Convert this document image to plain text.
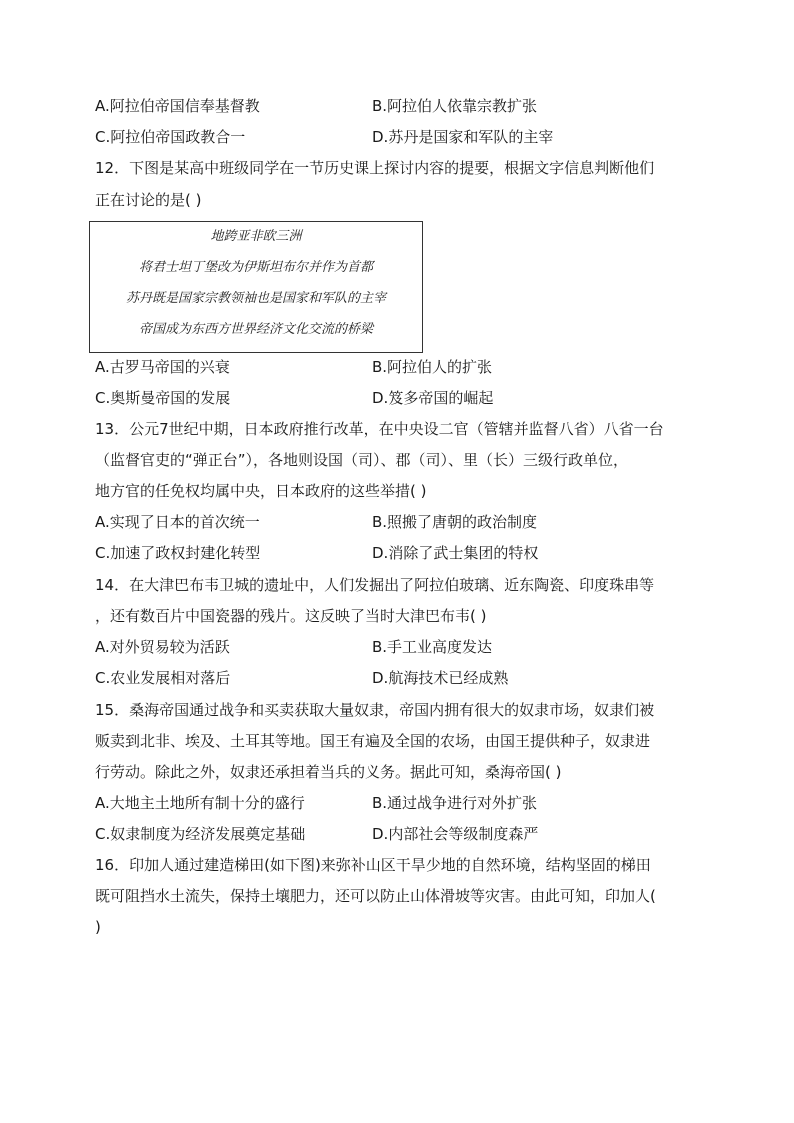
A.阿拉伯帝国信奉基督教	B.阿拉伯人依靠宗教扩张
C.阿拉伯帝国政教合一	D.苏丹是国家和军队的主宰
12．下图是某高中班级同学在一节历史课上探讨内容的提要，根据文字信息判断他们
正在讨论的是( )
地跨亚非欧三洲
将君士坦丁堡改为伊斯坦布尔并作为首都
苏丹既是国家宗教领袖也是国家和军队的主宰
帝国成为东西方世界经济文化交流的桥梁
A.古罗马帝国的兴衰	B.阿拉伯人的扩张
C.奥斯曼帝国的发展	D.笈多帝国的崛起
13．公元7世纪中期，日本政府推行改革，在中央设二官（管辖并监督八省）八省一台
（监督官吏的“弹正台”），各地则设国（司）、郡（司）、里（长）三级行政单位，
地方官的任免权均属中央，日本政府的这些举措( )
A.实现了日本的首次统一	B.照搬了唐朝的政治制度
C.加速了政权封建化转型	D.消除了武士集团的特权
14．在大津巴布韦卫城的遗址中，人们发掘出了阿拉伯玻璃、近东陶瓷、印度珠串等
，还有数百片中国瓷器的残片。这反映了当时大津巴布韦( )
A.对外贸易较为活跃	B.手工业高度发达
C.农业发展相对落后	D.航海技术已经成熟
15．桑海帝国通过战争和买卖获取大量奴隶，帝国内拥有很大的奴隶市场，奴隶们被
贩卖到北非、埃及、土耳其等地。国王有遍及全国的农场，由国王提供种子，奴隶进
行劳动。除此之外，奴隶还承担着当兵的义务。据此可知，桑海帝国( )
A.大地主土地所有制十分的盛行	B.通过战争进行对外扩张
C.奴隶制度为经济发展奠定基础	D.内部社会等级制度森严
16．印加人通过建造梯田(如下图)来弥补山区干旱少地的自然环境，结构坚固的梯田
既可阻挡水土流失，保持土壤肥力，还可以防止山体滑坡等灾害。由此可知，印加人(
)
